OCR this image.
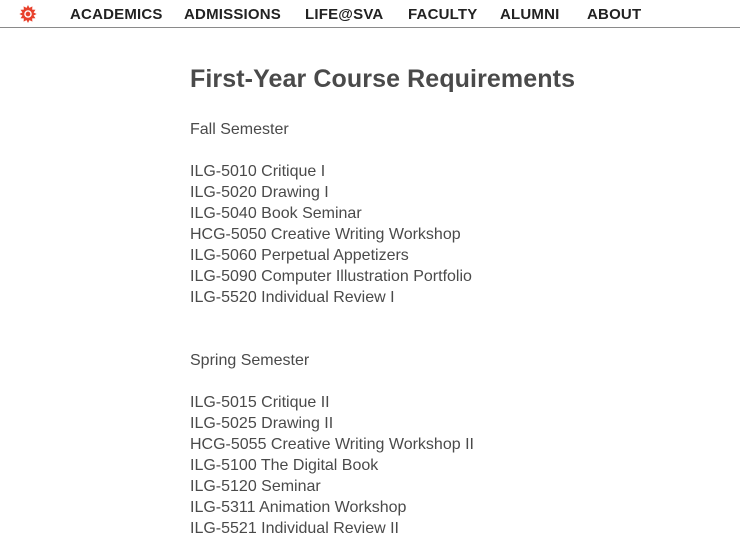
ACADEMICS ADMISSIONS LIFE@SVA FACULTY ALUMNI ABOUT
First-Year Course Requirements
Fall Semester
ILG-5010 Critique I
ILG-5020 Drawing I
ILG-5040 Book Seminar
HCG-5050 Creative Writing Workshop
ILG-5060 Perpetual Appetizers
ILG-5090 Computer Illustration Portfolio
ILG-5520 Individual Review I
Spring Semester
ILG-5015 Critique II
ILG-5025 Drawing II
HCG-5055 Creative Writing Workshop II
ILG-5100 The Digital Book
ILG-5120 Seminar
ILG-5311 Animation Workshop
ILG-5521 Individual Review II
